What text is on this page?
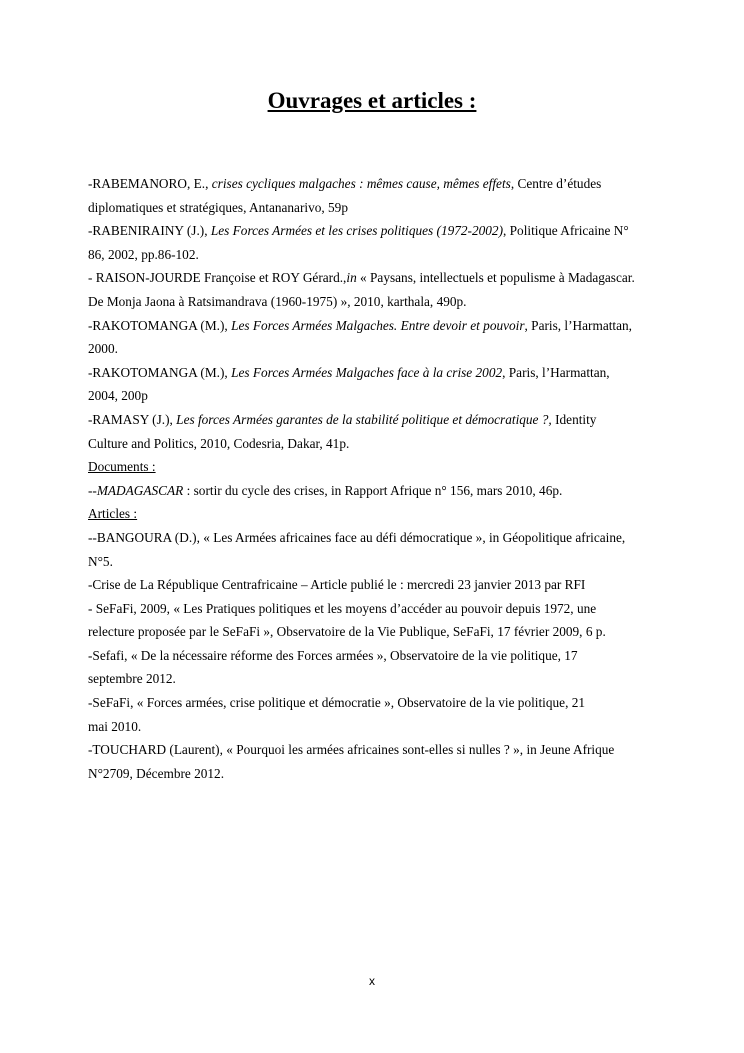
Ouvrages et articles :
-RABEMANORO, E., crises cycliques malgaches : mêmes cause, mêmes effets, Centre d’études
diplomatiques et stratégiques, Antananarivo, 59p
-RABENIRAINY (J.), Les Forces Armées et les crises politiques (1972-2002), Politique Africaine N°
86, 2002, pp.86-102.
- RAISON-JOURDE Françoise et ROY Gérard.,in « Paysans, intellectuels et populisme à Madagascar.
De Monja Jaona à Ratsimandrava (1960-1975) », 2010, karthala, 490p.
-RAKOTOMANGA (M.), Les Forces Armées Malgaches. Entre devoir et pouvoir, Paris, l’Harmattan,
2000.
-RAKOTOMANGA (M.), Les Forces Armées Malgaches face à la crise 2002, Paris, l’Harmattan,
2004, 200p
-RAMASY (J.), Les forces Armées garantes de la stabilité politique et démocratique ?, Identity
Culture and Politics, 2010, Codesria, Dakar, 41p.
Documents :
--MADAGASCAR : sortir du cycle des crises, in Rapport Afrique n° 156, mars 2010, 46p.
Articles :
--BANGOURA (D.), « Les Armées africaines face au défi démocratique », in Géopolitique africaine,
N°5.
-Crise de La République Centrafricaine – Article publié le : mercredi 23 janvier 2013 par RFI
- SeFaFi, 2009, « Les Pratiques politiques et les moyens d’accéder au pouvoir depuis 1972, une
relecture proposée par le SeFaFi », Observatoire de la Vie Publique, SeFaFi, 17 février 2009, 6 p.
-Sefafi, « De la nécessaire réforme des Forces armées », Observatoire de la vie politique, 17
septembre 2012.
-SeFaFi, « Forces armées, crise politique et démocratie », Observatoire de la vie politique, 21
mai 2010.
-TOUCHARD (Laurent), « Pourquoi les armées africaines sont-elles si nulles ? », in Jeune Afrique
N°2709, Décembre 2012.
x
